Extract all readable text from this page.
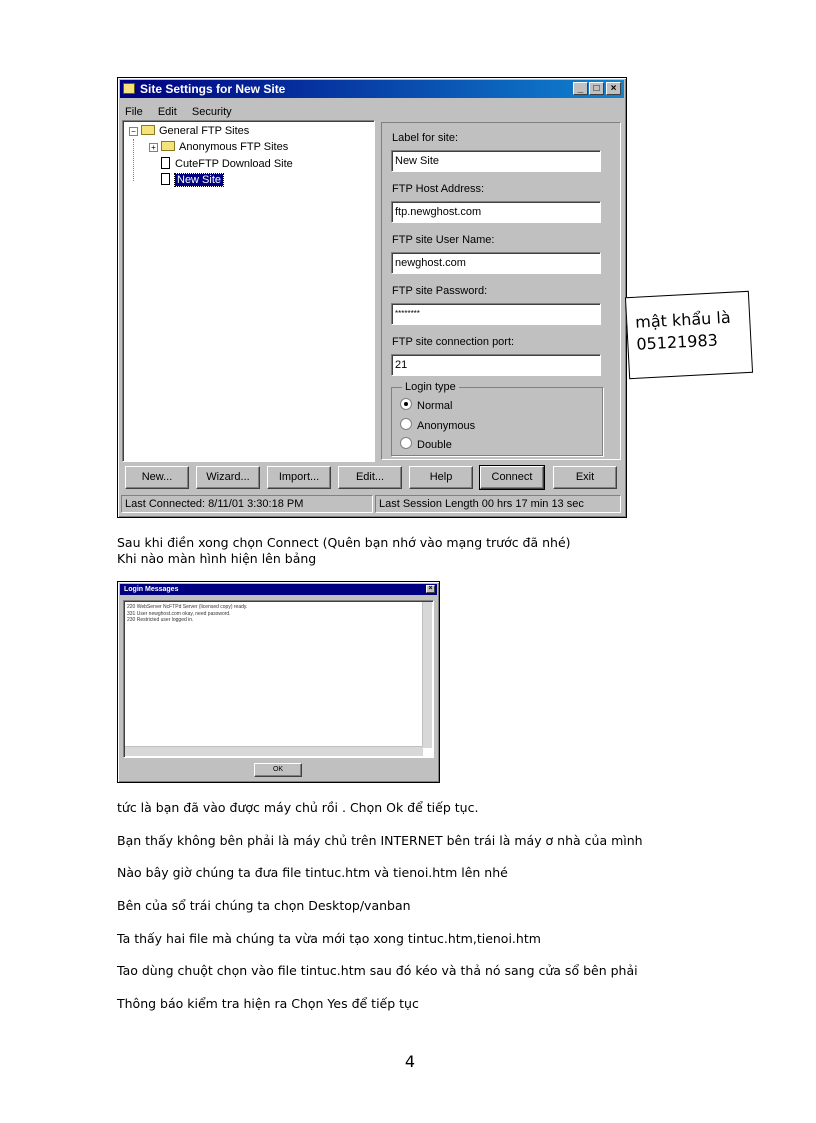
Site Settings for New Site	_	□	×
File Edit Security
− General FTP Sites
+ Anonymous FTP Sites
CuteFTP Download Site
New Site
Label for site:
New Site
FTP Host Address:
ftp.newghost.com
FTP site User Name:
newghost.com
FTP site Password:
********
FTP site connection port:
21
Login type
Normal
Anonymous
Double
New...	Wizard...	Import...	Edit...	Help	Connect	Exit
Last Connected: 8/11/01 3:30:18 PM	Last Session Length 00 hrs 17 min 13 sec
mật khẩu là
05121983
Sau khi điền xong chọn Connect (Quên bạn nhớ vào mạng trước đã nhé)
Khi nào màn hình hiện lên bảng
Login Messages	×
220 WebServer NcFTPd Server (licensed copy) ready.
331 User newghost.com okay, need password.
230 Restricted user logged in.
OK
tức là bạn đã vào được máy chủ rồi . Chọn Ok để tiếp tục.
Bạn thấy không bên phải là máy chủ trên INTERNET bên trái là máy ơ nhà của mình
Nào bây giờ chúng ta đưa file tintuc.htm và tienoi.htm lên nhé
Bên của sổ trái chúng ta chọn Desktop/vanban
Ta thấy hai file mà chúng ta vừa mới tạo xong tintuc.htm,tienoi.htm
Tao dùng chuột chọn vào file tintuc.htm sau đó kéo và thả nó sang cửa sổ bên phải
Thông báo kiểm tra hiện ra Chọn Yes để tiếp tục
4
